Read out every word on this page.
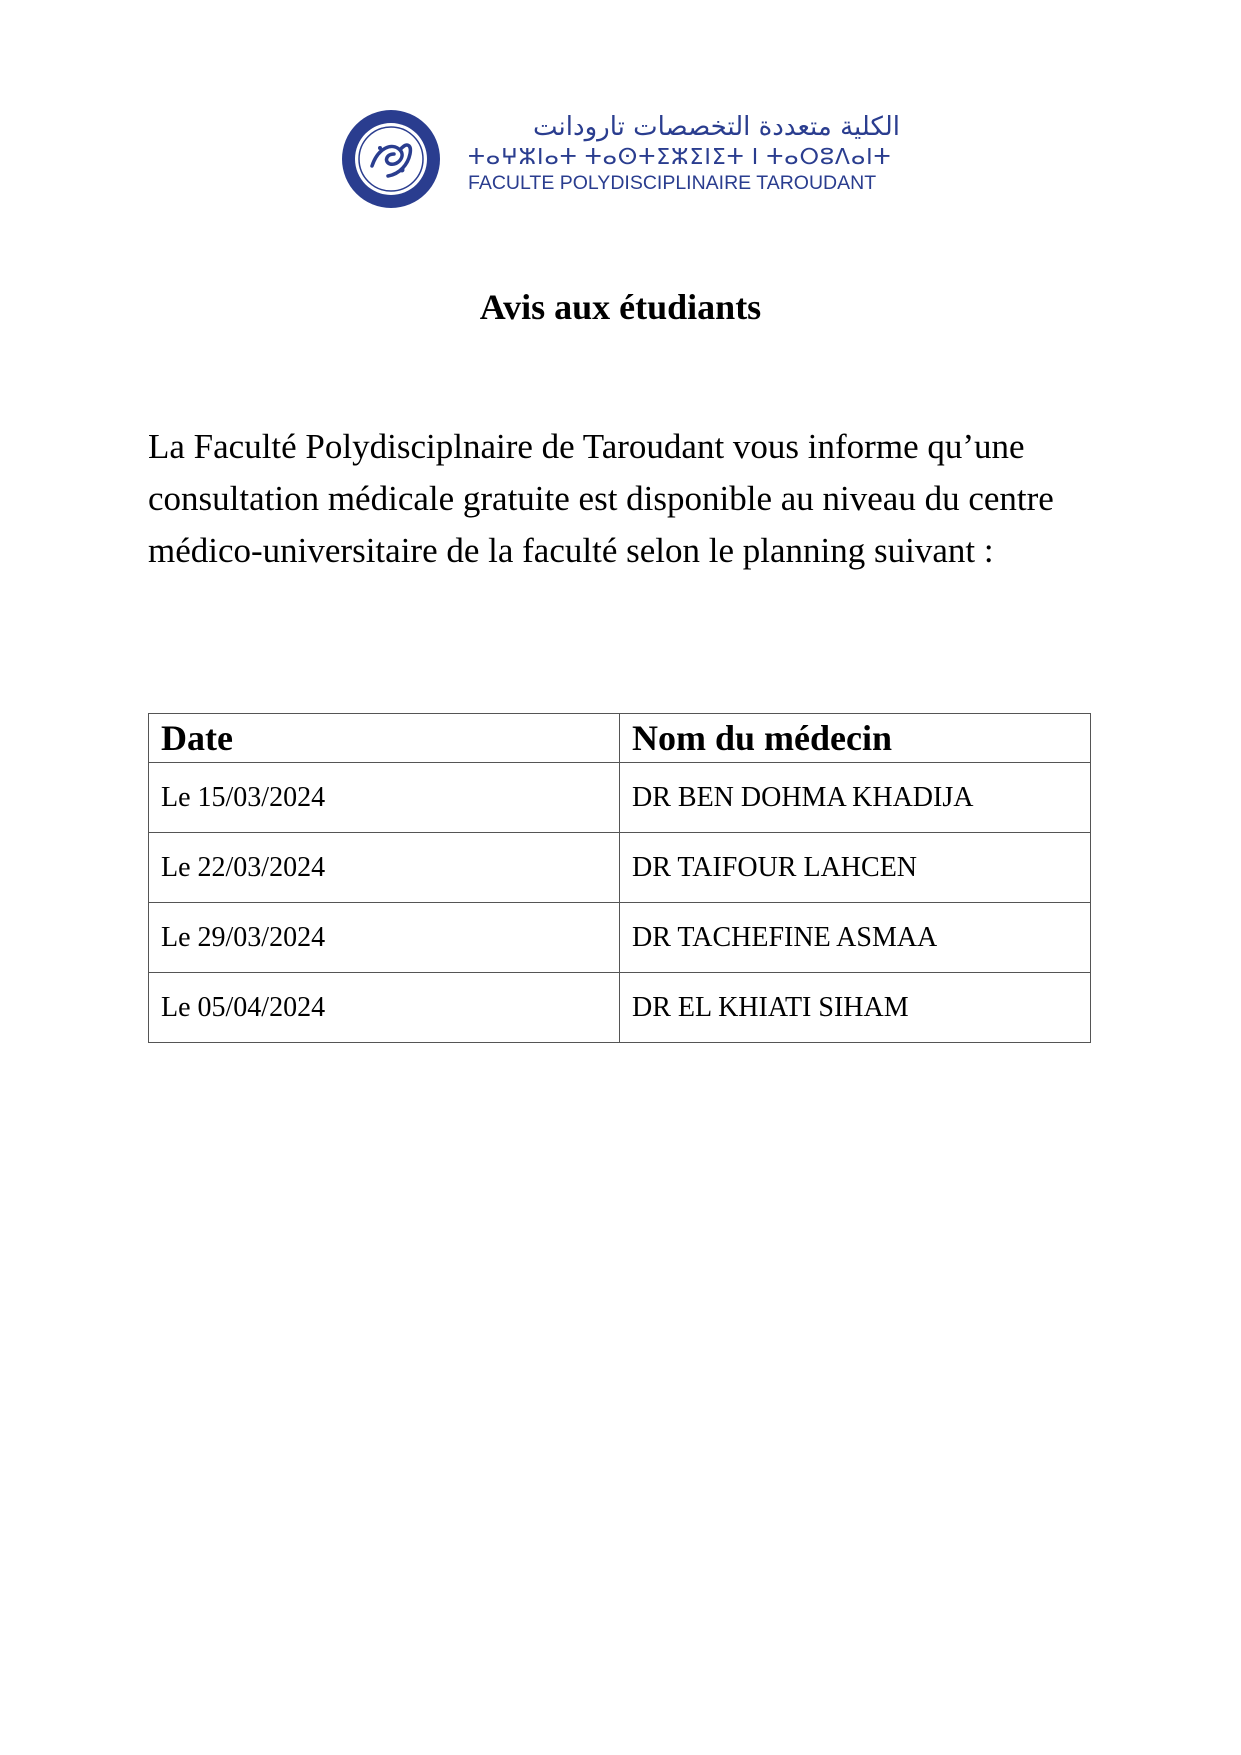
الكلية متعددة التخصصات تارودانت
ⵜⴰⵖⵣⵏⴰⵜ ⵜⴰⵙⵜⵉⵣⵉⵏⵉⵜ ⵏ ⵜⴰⵔⵓⴷⴰⵏⵜ
FACULTE POLYDISCIPLINAIRE TAROUDANT
Avis aux étudiants

La Faculté Polydisciplnaire de Taroudant vous informe qu’une consultation médicale gratuite est disponible au niveau du centre médico-universitaire de la faculté selon le planning suivant :

Date	Nom du médecin
Le 15/03/2024	DR BEN DOHMA KHADIJA
Le 22/03/2024	DR TAIFOUR LAHCEN
Le 29/03/2024	DR TACHEFINE ASMAA
Le 05/04/2024	DR EL KHIATI SIHAM
